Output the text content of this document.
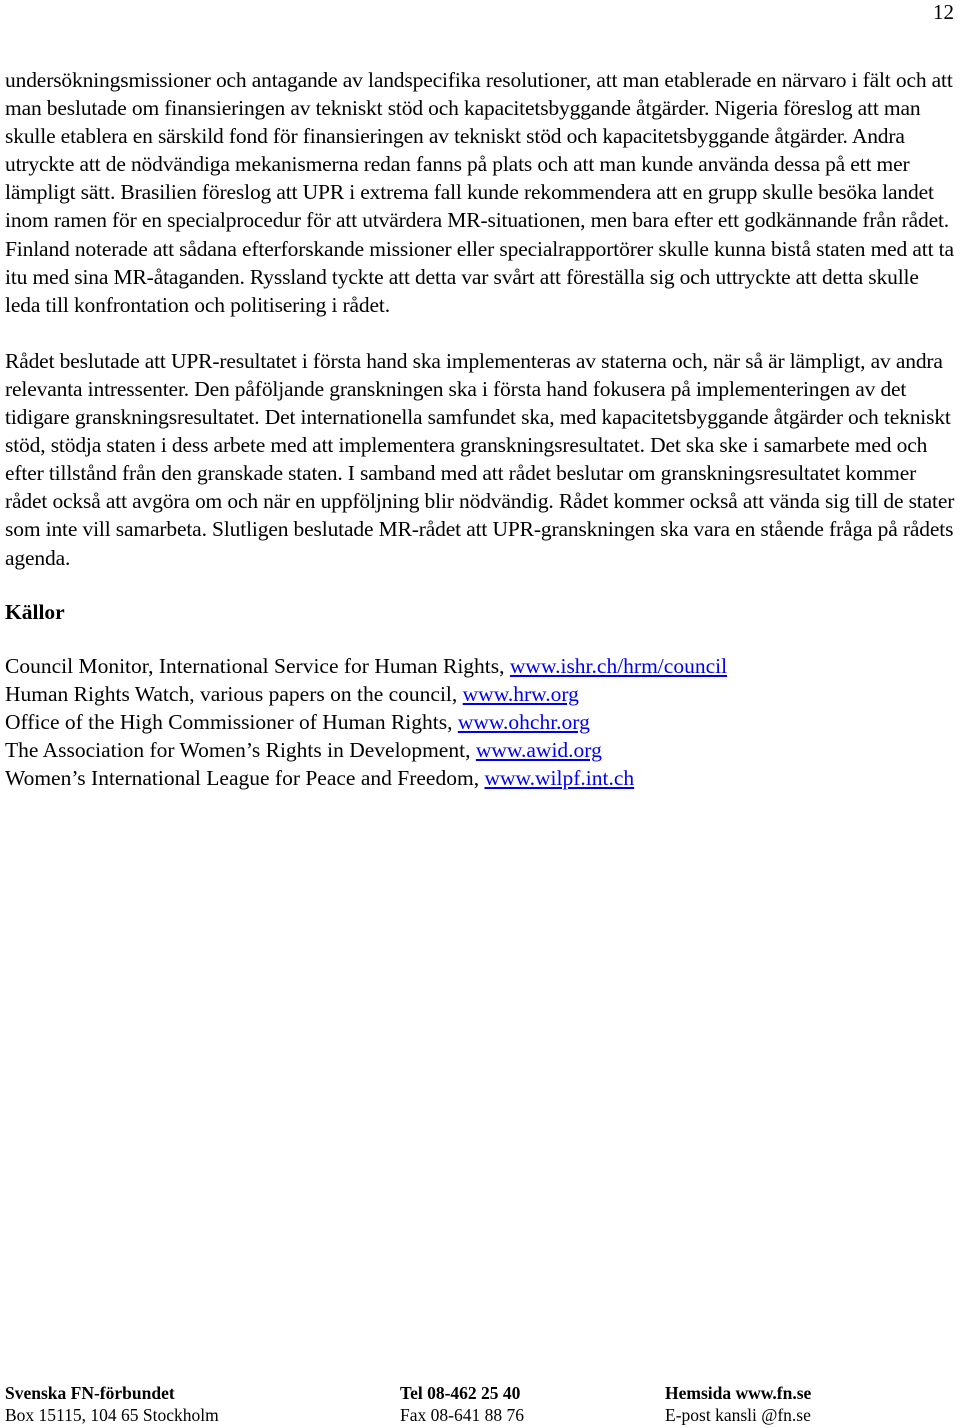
12

undersökningsmissioner och antagande av landspecifika resolutioner, att man etablerade en närvaro i fält och att man beslutade om finansieringen av tekniskt stöd och kapacitetsbyggande åtgärder. Nigeria föreslog att man skulle etablera en särskild fond för finansieringen av tekniskt stöd och kapacitetsbyggande åtgärder. Andra utryckte att de nödvändiga mekanismerna redan fanns på plats och att man kunde använda dessa på ett mer lämpligt sätt. Brasilien föreslog att UPR i extrema fall kunde rekommendera att en grupp skulle besöka landet inom ramen för en specialprocedur för att utvärdera MR-situationen, men bara efter ett godkännande från rådet. Finland noterade att sådana efterforskande missioner eller specialrapportörer skulle kunna bistå staten med att ta itu med sina MR-åtaganden. Ryssland tyckte att detta var svårt att föreställa sig och uttryckte att detta skulle leda till konfrontation och politisering i rådet.

Rådet beslutade att UPR-resultatet i första hand ska implementeras av staterna och, när så är lämpligt, av andra relevanta intressenter. Den påföljande granskningen ska i första hand fokusera på implementeringen av det tidigare granskningsresultatet. Det internationella samfundet ska, med kapacitetsbyggande åtgärder och tekniskt stöd, stödja staten i dess arbete med att implementera granskningsresultatet. Det ska ske i samarbete med och efter tillstånd från den granskade staten. I samband med att rådet beslutar om granskningsresultatet kommer rådet också att avgöra om och när en uppföljning blir nödvändig. Rådet kommer också att vända sig till de stater som inte vill samarbeta. Slutligen beslutade MR-rådet att UPR-granskningen ska vara en stående fråga på rådets agenda.

Källor
Council Monitor, International Service for Human Rights, www.ishr.ch/hrm/council
Human Rights Watch, various papers on the council, www.hrw.org
Office of the High Commissioner of Human Rights, www.ohchr.org
The Association for Women’s Rights in Development, www.awid.org
Women’s International League for Peace and Freedom, www.wilpf.int.ch
Svenska FN-förbundet	Tel 08-462 25 40	Hemsida www.fn.se
Box 15115, 104 65 Stockholm	Fax 08-641 88 76	E-post kansli @fn.se
